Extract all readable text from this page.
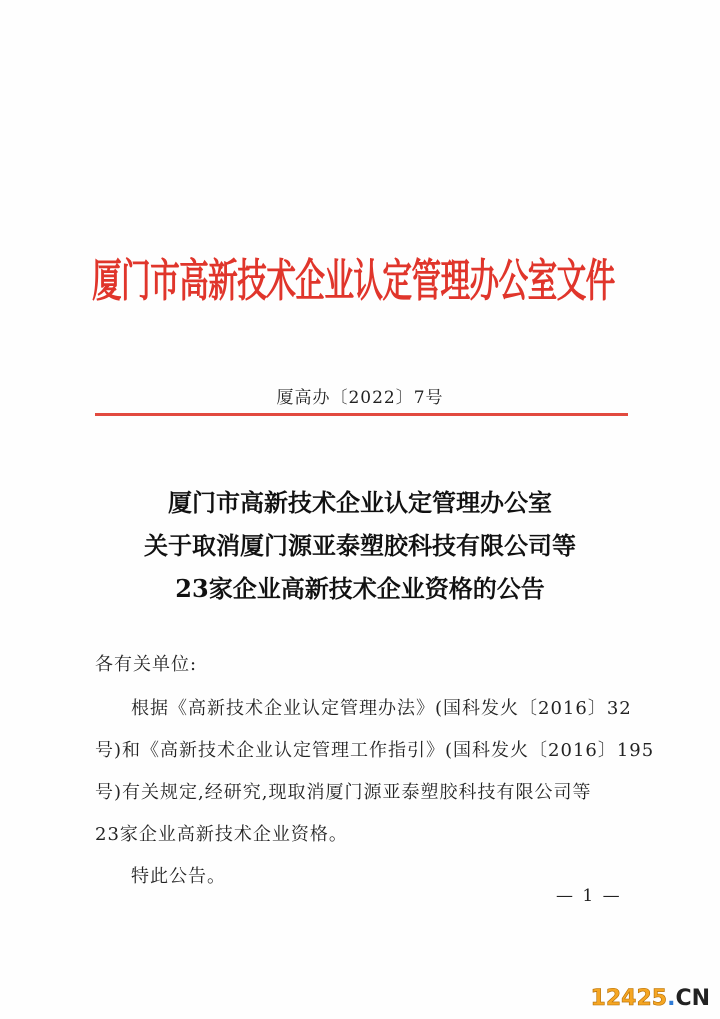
厦门市高新技术企业认定管理办公室文件
厦高办〔2022〕7号
厦门市高新技术企业认定管理办公室
关于取消厦门源亚泰塑胶科技有限公司等
23家企业高新技术企业资格的公告
各有关单位:
根据《高新技术企业认定管理办法》(国科发火〔2016〕32
号)和《高新技术企业认定管理工作指引》(国科发火〔2016〕195
号)有关规定,经研究,现取消厦门源亚泰塑胶科技有限公司等
23家企业高新技术企业资格。
特此公告。
— 1 —
12425.CN
